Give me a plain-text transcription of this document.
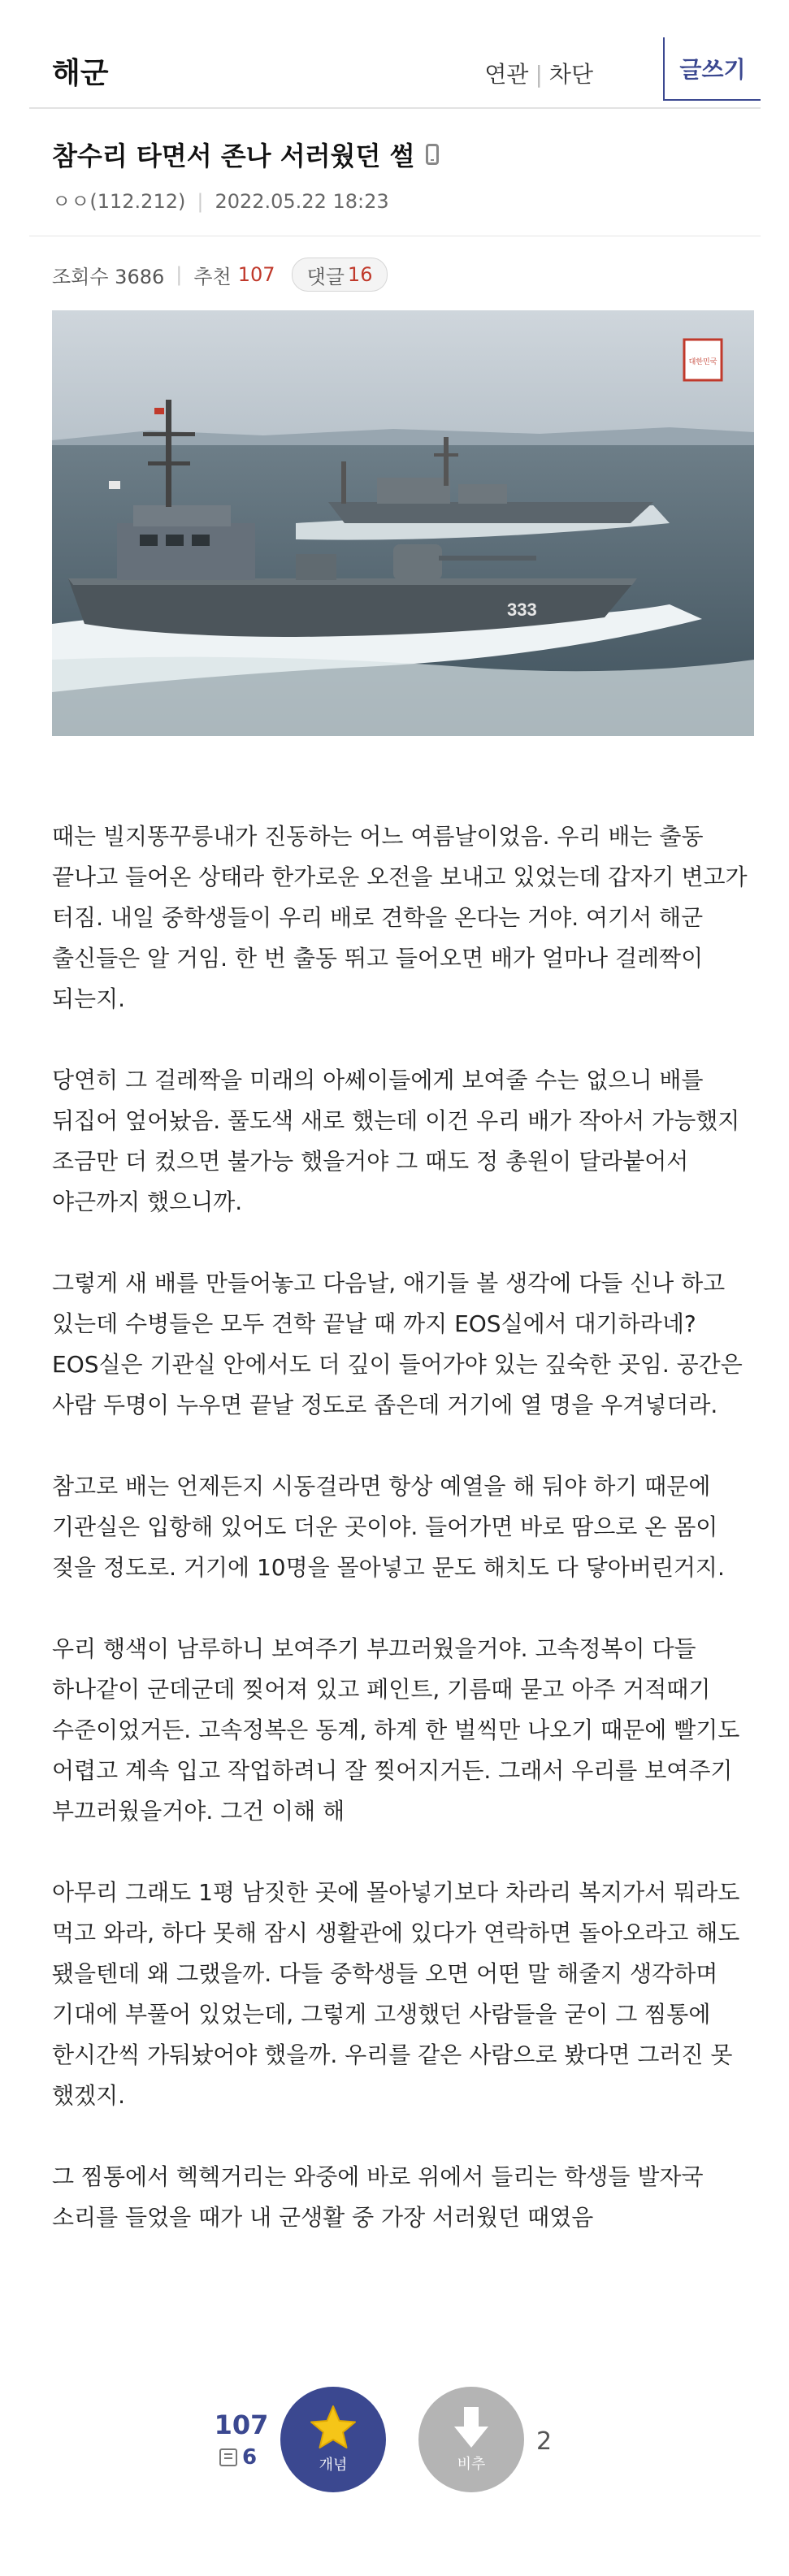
해군	연관 | 차단	글쓰기
참수리 타면서 존나 서러웠던 썰
ㅇㅇ(112.212) | 2022.05.22 18:23
조회수 3686 | 추천 107 댓글 16
333
대한민국

때는 빌지똥꾸릉내가 진동하는 어느 여름날이었음. 우리 배는 출동 끝나고 들어온 상태라 한가로운 오전을 보내고 있었는데 갑자기 변고가 터짐. 내일 중학생들이 우리 배로 견학을 온다는 거야. 여기서 해군 출신들은 알 거임. 한 번 출동 뛰고 들어오면 배가 얼마나 걸레짝이 되는지.

당연히 그 걸레짝을 미래의 아쎄이들에게 보여줄 수는 없으니 배를 뒤집어 엎어놨음. 풀도색 새로 했는데 이건 우리 배가 작아서 가능했지 조금만 더 컸으면 불가능 했을거야 그 때도 정 총원이 달라붙어서 야근까지 했으니까.

그렇게 새 배를 만들어놓고 다음날, 애기들 볼 생각에 다들 신나 하고 있는데 수병들은 모두 견학 끝날 때 까지 EOS실에서 대기하라네? EOS실은 기관실 안에서도 더 깊이 들어가야 있는 깊숙한 곳임. 공간은 사람 두명이 누우면 끝날 정도로 좁은데 거기에 열 명을 우겨넣더라.

참고로 배는 언제든지 시동걸라면 항상 예열을 해 둬야 하기 때문에 기관실은 입항해 있어도 더운 곳이야. 들어가면 바로 땀으로 온 몸이 젖을 정도로. 거기에 10명을 몰아넣고 문도 해치도 다 닿아버린거지.

우리 행색이 남루하니 보여주기 부끄러웠을거야. 고속정복이 다들 하나같이 군데군데 찢어져 있고 페인트, 기름때 묻고 아주 거적때기 수준이었거든. 고속정복은 동계, 하계 한 벌씩만 나오기 때문에 빨기도 어렵고 계속 입고 작업하려니 잘 찢어지거든. 그래서 우리를 보여주기 부끄러웠을거야. 그건 이해 해

아무리 그래도 1평 남짓한 곳에 몰아넣기보다 차라리 복지가서 뭐라도 먹고 와라, 하다 못해 잠시 생활관에 있다가 연락하면 돌아오라고 해도 됐을텐데 왜 그랬을까. 다들 중학생들 오면 어떤 말 해줄지 생각하며 기대에 부풀어 있었는데, 그렇게 고생했던 사람들을 굳이 그 찜통에 한시간씩 가둬놨어야 했을까. 우리를 같은 사람으로 봤다면 그러진 못 했겠지.

그 찜통에서 헥헥거리는 와중에 바로 위에서 들리는 학생들 발자국 소리를 들었을 때가 내 군생활 중 가장 서러웠던 때였음

107
6	개념	비추
2
